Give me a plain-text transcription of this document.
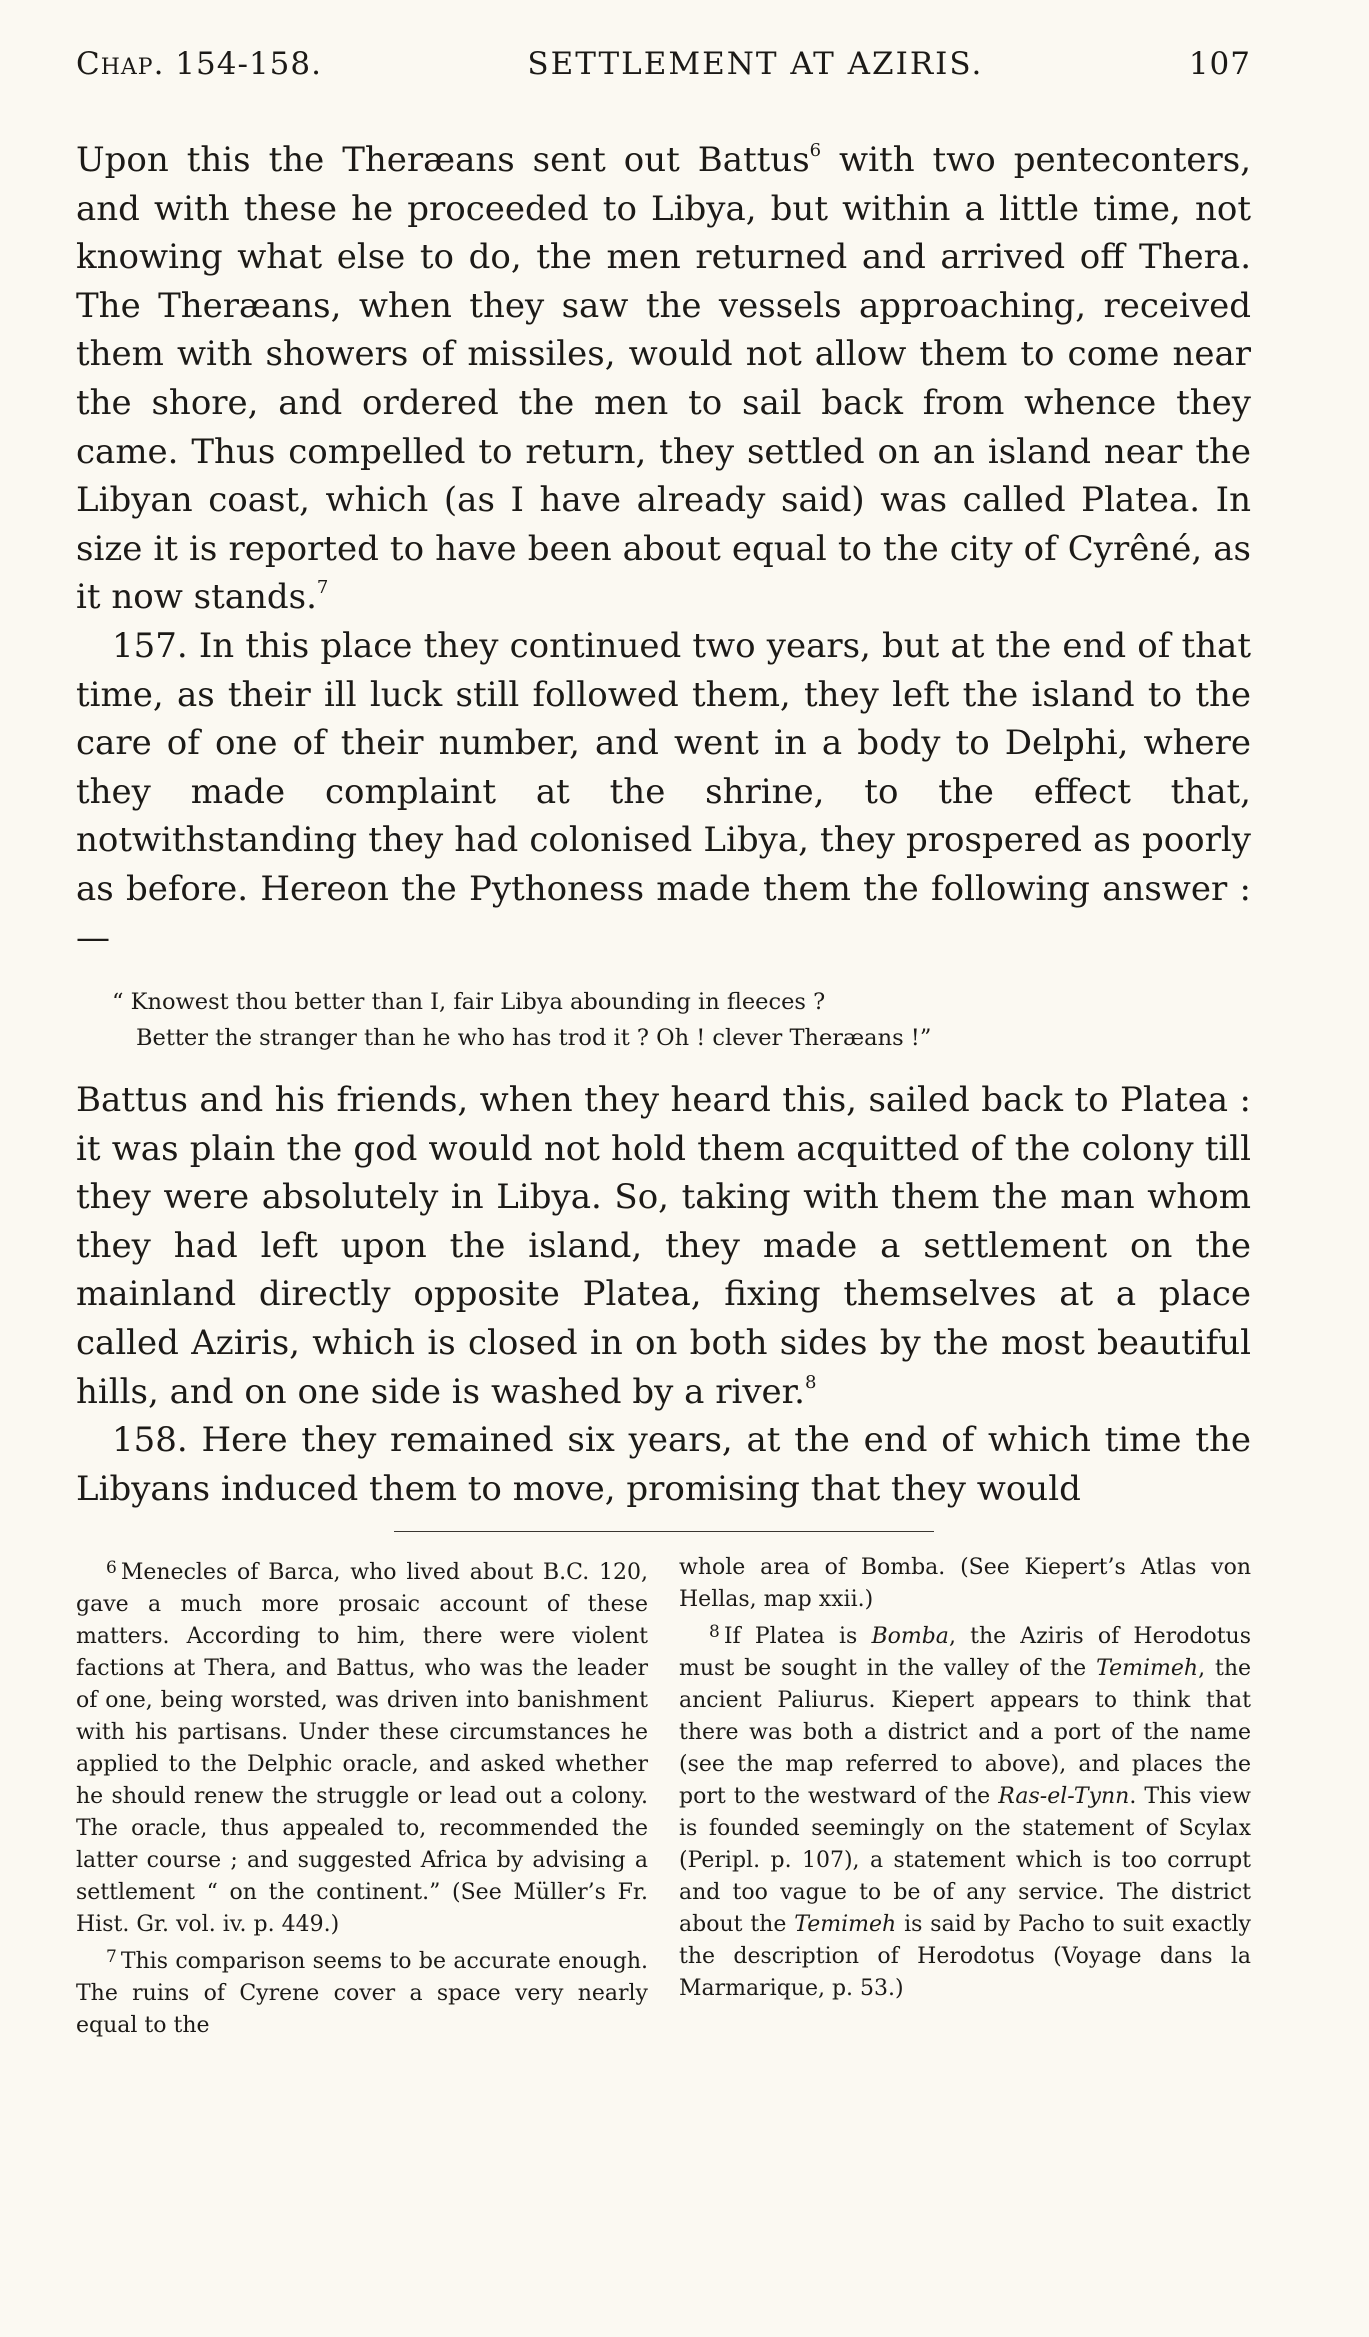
Chap. 154-158.	SETTLEMENT AT AZIRIS.	107

Upon this the Theræans sent out Battus$^6$ with two penteconters, and with these he proceeded to Libya, but within a little time, not knowing what else to do, the men returned and arrived off Thera. The Theræans, when they saw the vessels approaching, received them with showers of missiles, would not allow them to come near the shore, and ordered the men to sail back from whence they came. Thus compelled to return, they settled on an island near the Libyan coast, which (as I have already said) was called Platea. In size it is reported to have been about equal to the city of Cyrêné, as it now stands.$^7$

157. In this place they continued two years, but at the end of that time, as their ill luck still followed them, they left the island to the care of one of their number, and went in a body to Delphi, where they made complaint at the shrine, to the effect that, notwithstanding they had colonised Libya, they prospered as poorly as before. Hereon the Pythoness made them the following answer :—

“ Knowest thou better than I, fair Libya abounding in fleeces ?
Better the stranger than he who has trod it ? Oh ! clever Theræans !”

Battus and his friends, when they heard this, sailed back to Platea : it was plain the god would not hold them acquitted of the colony till they were absolutely in Libya. So, taking with them the man whom they had left upon the island, they made a settlement on the mainland directly opposite Platea, fixing themselves at a place called Aziris, which is closed in on both sides by the most beautiful hills, and on one side is washed by a river.$^8$

158. Here they remained six years, at the end of which time the Libyans induced them to move, promising that they would

$^6$ Menecles of Barca, who lived about B.C. 120, gave a much more prosaic account of these matters. According to him, there were violent factions at Thera, and Battus, who was the leader of one, being worsted, was driven into banishment with his partisans. Under these circumstances he applied to the Delphic oracle, and asked whether he should renew the struggle or lead out a colony. The oracle, thus appealed to, recommended the latter course ; and suggested Africa by advising a settlement “ on the continent.” (See Müller’s Fr. Hist. Gr. vol. iv. p. 449.)

$^7$ This comparison seems to be accurate enough. The ruins of Cyrene cover a space very nearly equal to the

whole area of Bomba. (See Kiepert’s Atlas von Hellas, map xxii.)

$^8$ If Platea is Bomba, the Aziris of Herodotus must be sought in the valley of the Temimeh, the ancient Paliurus. Kiepert appears to think that there was both a district and a port of the name (see the map referred to above), and places the port to the westward of the Ras-el-Tynn. This view is founded seemingly on the statement of Scylax (Peripl. p. 107), a statement which is too corrupt and too vague to be of any service. The district about the Temimeh is said by Pacho to suit exactly the description of Herodotus (Voyage dans la Marmarique, p. 53.)
